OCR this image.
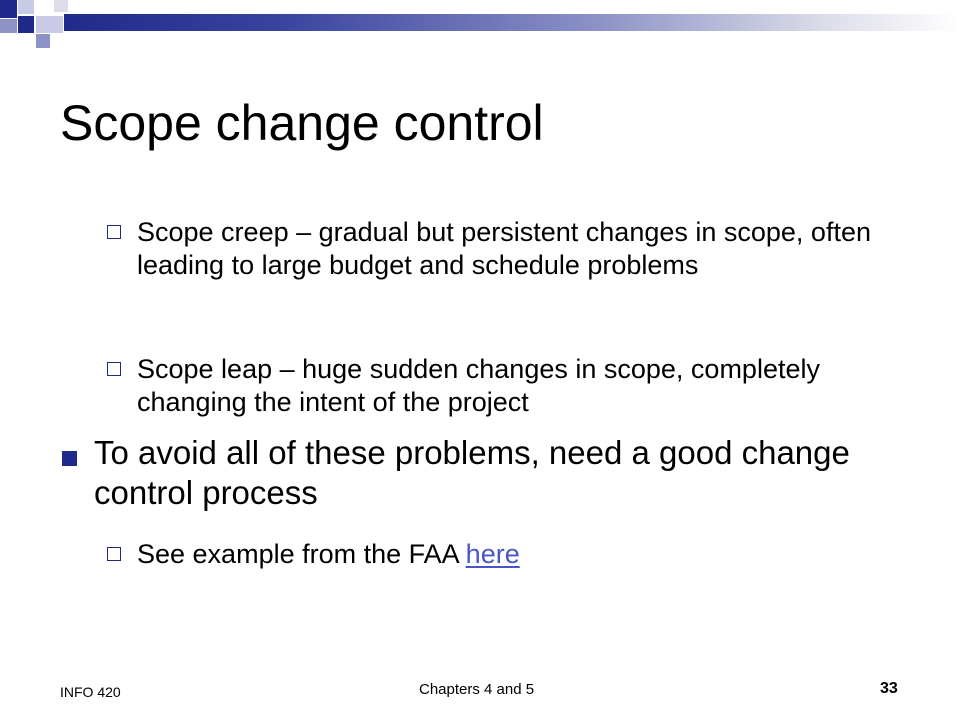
Scope change control
Scope creep – gradual but persistent changes in scope, often leading to large budget and schedule problems
Scope leap – huge sudden changes in scope, completely changing the intent of the project
To avoid all of these problems, need a good change control process
See example from the FAA here
INFO 420	Chapters 4 and 5	33
